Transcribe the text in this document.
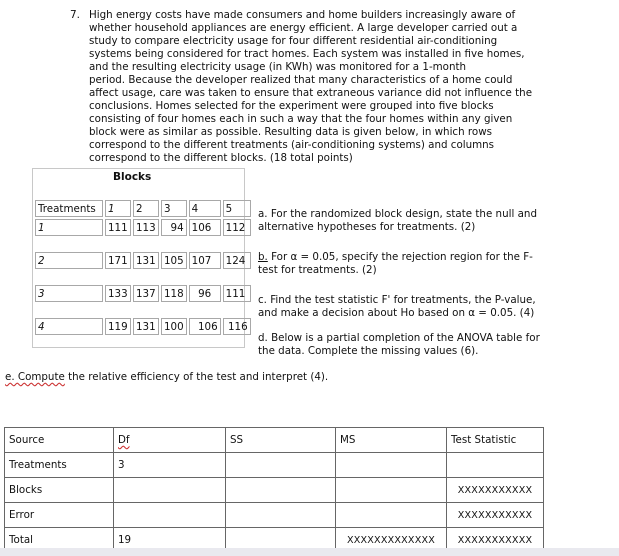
7. High energy costs have made consumers and home builders increasingly aware of
whether household appliances are energy efficient. A large developer carried out a
study to compare electricity usage for four different residential air-conditioning
systems being considered for tract homes. Each system was installed in five homes,
and the resulting electricity usage (in KWh) was monitored for a 1-month
period. Because the developer realized that many characteristics of a home could
affect usage, care was taken to ensure that extraneous variance did not influence the
conclusions. Homes selected for the experiment were grouped into five blocks
consisting of four homes each in such a way that the four homes within any given
block were as similar as possible. Resulting data is given below, in which rows
correspond to the different treatments (air-conditioning systems) and columns
correspond to the different blocks. (18 total points)
Blocks
Treatments	1	2	3	4	5
1	111	113	94	106	112

2	171	131	105	107	124

3	133	137	118	96	111

4	119	131	100	106	116
a. For the randomized block design, state the null and
alternative hypotheses for treatments. (2)
b. For α = 0.05, specify the rejection region for the F-
test for treatments. (2)
c. Find the test statistic F' for treatments, the P-value,
and make a decision about Ho based on α = 0.05. (4)
d. Below is a partial completion of the ANOVA table for
the data. Complete the missing values (6).
e. Compute the relative efficiency of the test and interpret (4).
Source	Df	SS	MS	Test Statistic
Treatments	3			
Blocks				XXXXXXXXXXX
Error				XXXXXXXXXXX
Total	19		XXXXXXXXXXXXX	XXXXXXXXXXX
